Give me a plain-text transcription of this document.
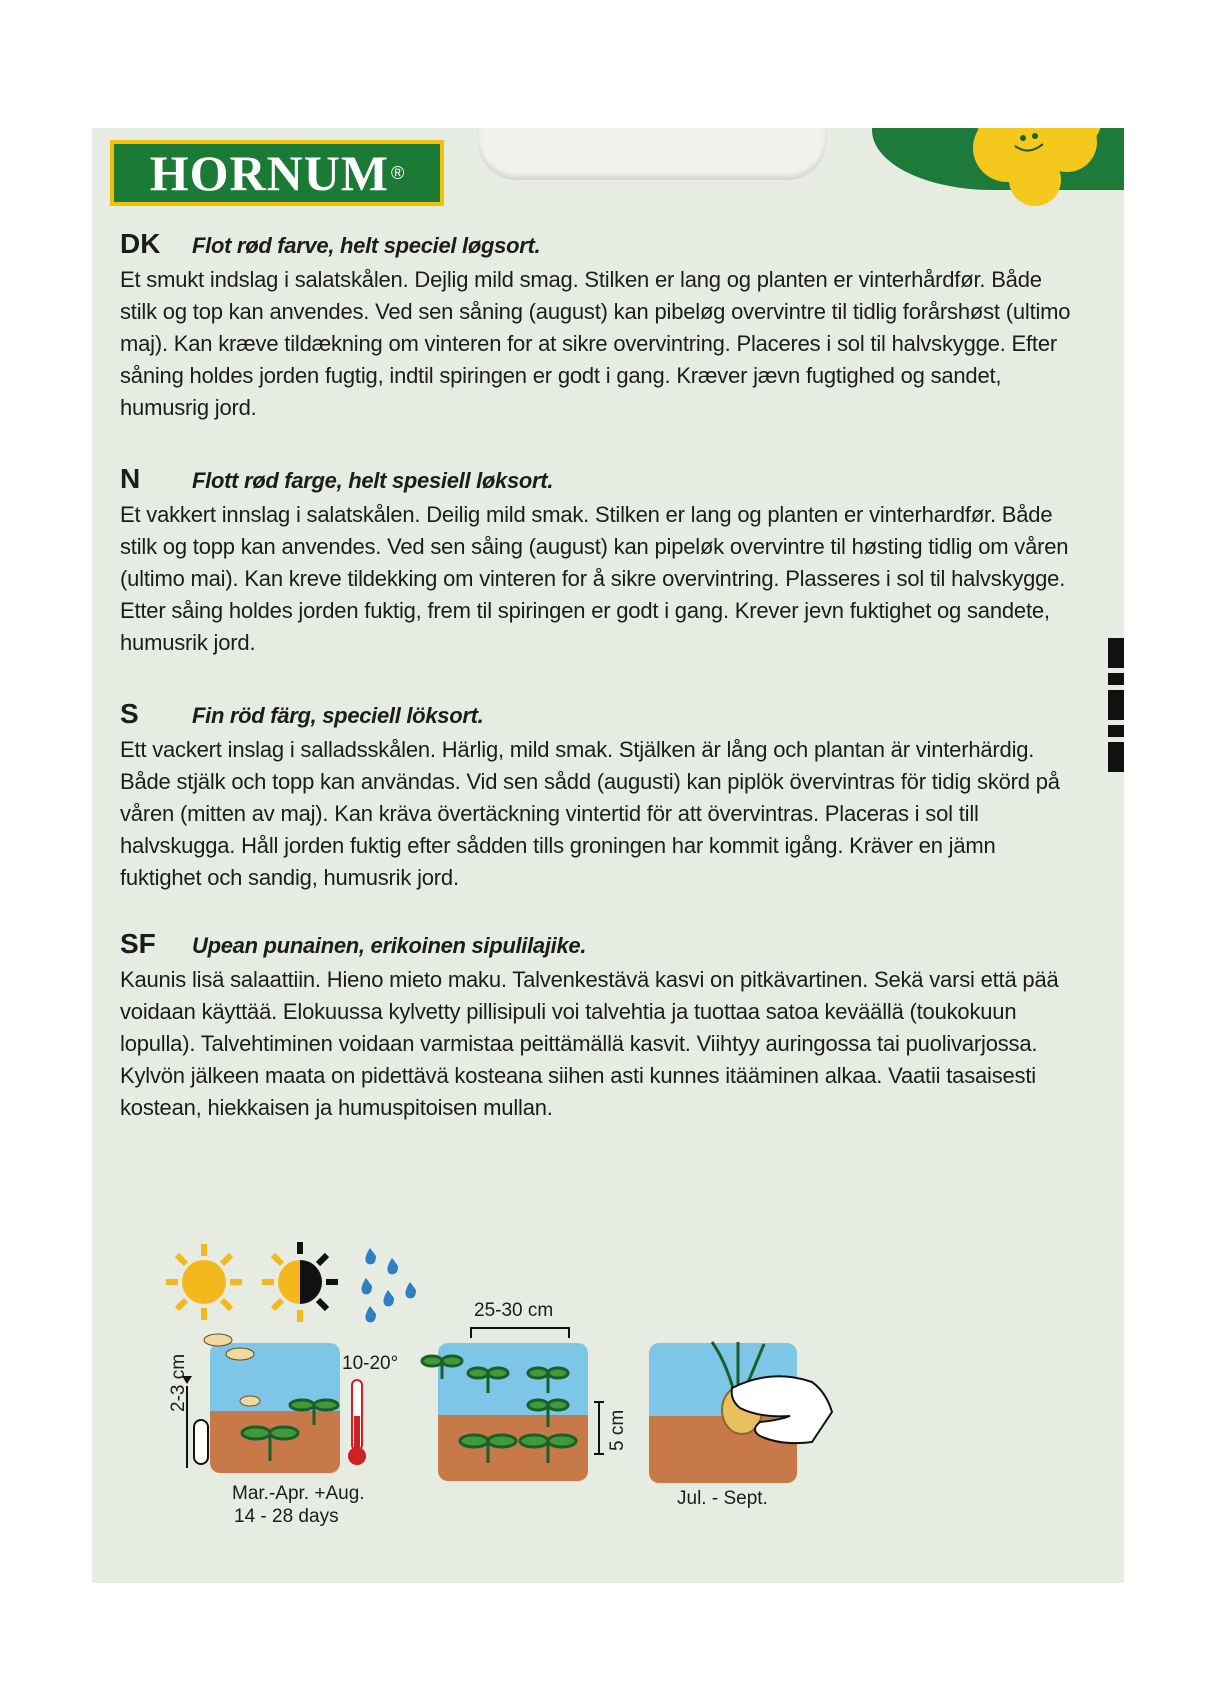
HORNUM ®
DK	Flot rød farve, helt speciel løgsort.
Et smukt indslag i salatskålen. Dejlig mild smag. Stilken er lang og planten er vinterhårdfør. Både stilk og top kan anvendes. Ved sen såning (august) kan pibeløg overvintre til tidlig forårshøst (ultimo maj). Kan kræve tildækning om vinteren for at sikre overvintring. Placeres i sol til halvskygge. Efter såning holdes jorden fugtig, indtil spiringen er godt i gang. Kræver jævn fugtighed og sandet, humusrig jord.
N	Flott rød farge, helt spesiell løksort.
Et vakkert innslag i salatskålen. Deilig mild smak. Stilken er lang og planten er vinterhardfør. Både stilk og topp kan anvendes. Ved sen såing (august) kan pipeløk overvintre til høsting tidlig om våren (ultimo mai). Kan kreve tildekking om vinteren for å sikre overvintring. Plasseres i sol til halvskygge. Etter såing holdes jorden fuktig, frem til spiringen er godt i gang. Krever jevn fuktighet og sandete, humusrik jord.
S	Fin röd färg, speciell löksort.
Ett vackert inslag i salladsskålen. Härlig, mild smak. Stjälken är lång och plantan är vinterhärdig. Både stjälk och topp kan användas. Vid sen sådd (augusti) kan piplök övervintras för tidig skörd på våren (mitten av maj). Kan kräva övertäckning vintertid för att övervintras. Placeras i sol till halvskugga. Håll jorden fuktig efter sådden tills groningen har kommit igång. Kräver en jämn fuktighet och sandig, humusrik jord.
SF	Upean punainen, erikoinen sipulilajike.
Kaunis lisä salaattiin. Hieno mieto maku. Talvenkestävä kasvi on pitkävartinen. Sekä varsi että pää voidaan käyttää. Elokuussa kylvetty pillisipuli voi talvehtia ja tuottaa satoa keväällä (toukokuun lopulla). Talvehtiminen voidaan varmistaa peittämällä kasvit. Viihtyy auringossa tai puolivarjossa. Kylvön jälkeen maata on pidettävä kosteana siihen asti kunnes itääminen alkaa. Vaatii tasaisesti kostean, hiekkaisen ja humuspitoisen mullan.
2-3 cm	10-20°
Mar.-Apr. +Aug.
14 - 28 days
25-30 cm
5 cm
Jul. - Sept.
